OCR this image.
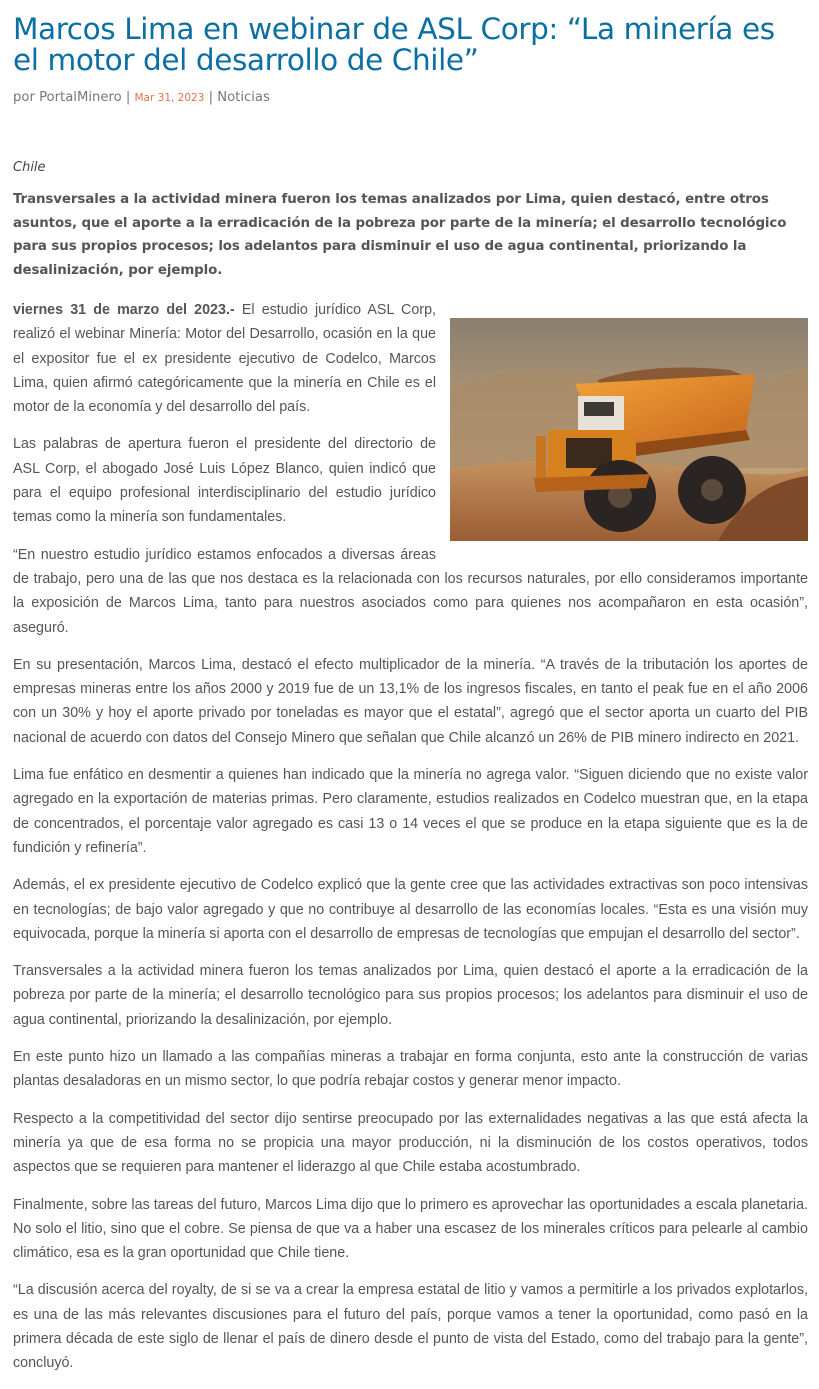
Marcos Lima en webinar de ASL Corp: “La minería es el motor del desarrollo de Chile”
por PortalMinero | Mar 31, 2023 | Noticias
Chile
Transversales a la actividad minera fueron los temas analizados por Lima, quien destacó, entre otros asuntos, que el aporte a la erradicación de la pobreza por parte de la minería; el desarrollo tecnológico para sus propios procesos; los adelantos para disminuir el uso de agua continental, priorizando la desalinización, por ejemplo.

viernes 31 de marzo del 2023.- El estudio jurídico ASL Corp, realizó el webinar Minería: Motor del Desarrollo, ocasión en la que el expositor fue el ex presidente ejecutivo de Codelco, Marcos Lima, quien afirmó categóricamente que la minería en Chile es el motor de la economía y del desarrollo del país.

Las palabras de apertura fueron el presidente del directorio de ASL Corp, el abogado José Luis López Blanco, quien indicó que para el equipo profesional interdisciplinario del estudio jurídico temas como la minería son fundamentales.

“En nuestro estudio jurídico estamos enfocados a diversas áreas de trabajo, pero una de las que nos destaca es la relacionada con los recursos naturales, por ello consideramos importante la exposición de Marcos Lima, tanto para nuestros asociados como para quienes nos acompañaron en esta ocasión”, aseguró.

En su presentación, Marcos Lima, destacó el efecto multiplicador de la minería. “A través de la tributación los aportes de empresas mineras entre los años 2000 y 2019 fue de un 13,1% de los ingresos fiscales, en tanto el peak fue en el año 2006 con un 30% y hoy el aporte privado por toneladas es mayor que el estatal”, agregó que el sector aporta un cuarto del PIB nacional de acuerdo con datos del Consejo Minero que señalan que Chile alcanzó un 26% de PIB minero indirecto en 2021.

Lima fue enfático en desmentir a quienes han indicado que la minería no agrega valor. “Siguen diciendo que no existe valor agregado en la exportación de materias primas. Pero claramente, estudios realizados en Codelco muestran que, en la etapa de concentrados, el porcentaje valor agregado es casi 13 o 14 veces el que se produce en la etapa siguiente que es la de fundición y refinería”.

Además, el ex presidente ejecutivo de Codelco explicó que la gente cree que las actividades extractivas son poco intensivas en tecnologías; de bajo valor agregado y que no contribuye al desarrollo de las economías locales. “Esta es una visión muy equivocada, porque la minería si aporta con el desarrollo de empresas de tecnologías que empujan el desarrollo del sector”.

Transversales a la actividad minera fueron los temas analizados por Lima, quien destacó el aporte a la erradicación de la pobreza por parte de la minería; el desarrollo tecnológico para sus propios procesos; los adelantos para disminuir el uso de agua continental, priorizando la desalinización, por ejemplo.

En este punto hizo un llamado a las compañías mineras a trabajar en forma conjunta, esto ante la construcción de varias plantas desaladoras en un mismo sector, lo que podría rebajar costos y generar menor impacto.

Respecto a la competitividad del sector dijo sentirse preocupado por las externalidades negativas a las que está afecta la minería ya que de esa forma no se propicia una mayor producción, ni la disminución de los costos operativos, todos aspectos que se requieren para mantener el liderazgo al que Chile estaba acostumbrado.

Finalmente, sobre las tareas del futuro, Marcos Lima dijo que lo primero es aprovechar las oportunidades a escala planetaria. No solo el litio, sino que el cobre. Se piensa de que va a haber una escasez de los minerales críticos para pelearle al cambio climático, esa es la gran oportunidad que Chile tiene.

“La discusión acerca del royalty, de si se va a crear la empresa estatal de litio y vamos a permitirle a los privados explotarlos, es una de las más relevantes discusiones para el futuro del país, porque vamos a tener la oportunidad, como pasó en la primera década de este siglo de llenar el país de dinero desde el punto de vista del Estado, como del trabajo para la gente”, concluyó.
